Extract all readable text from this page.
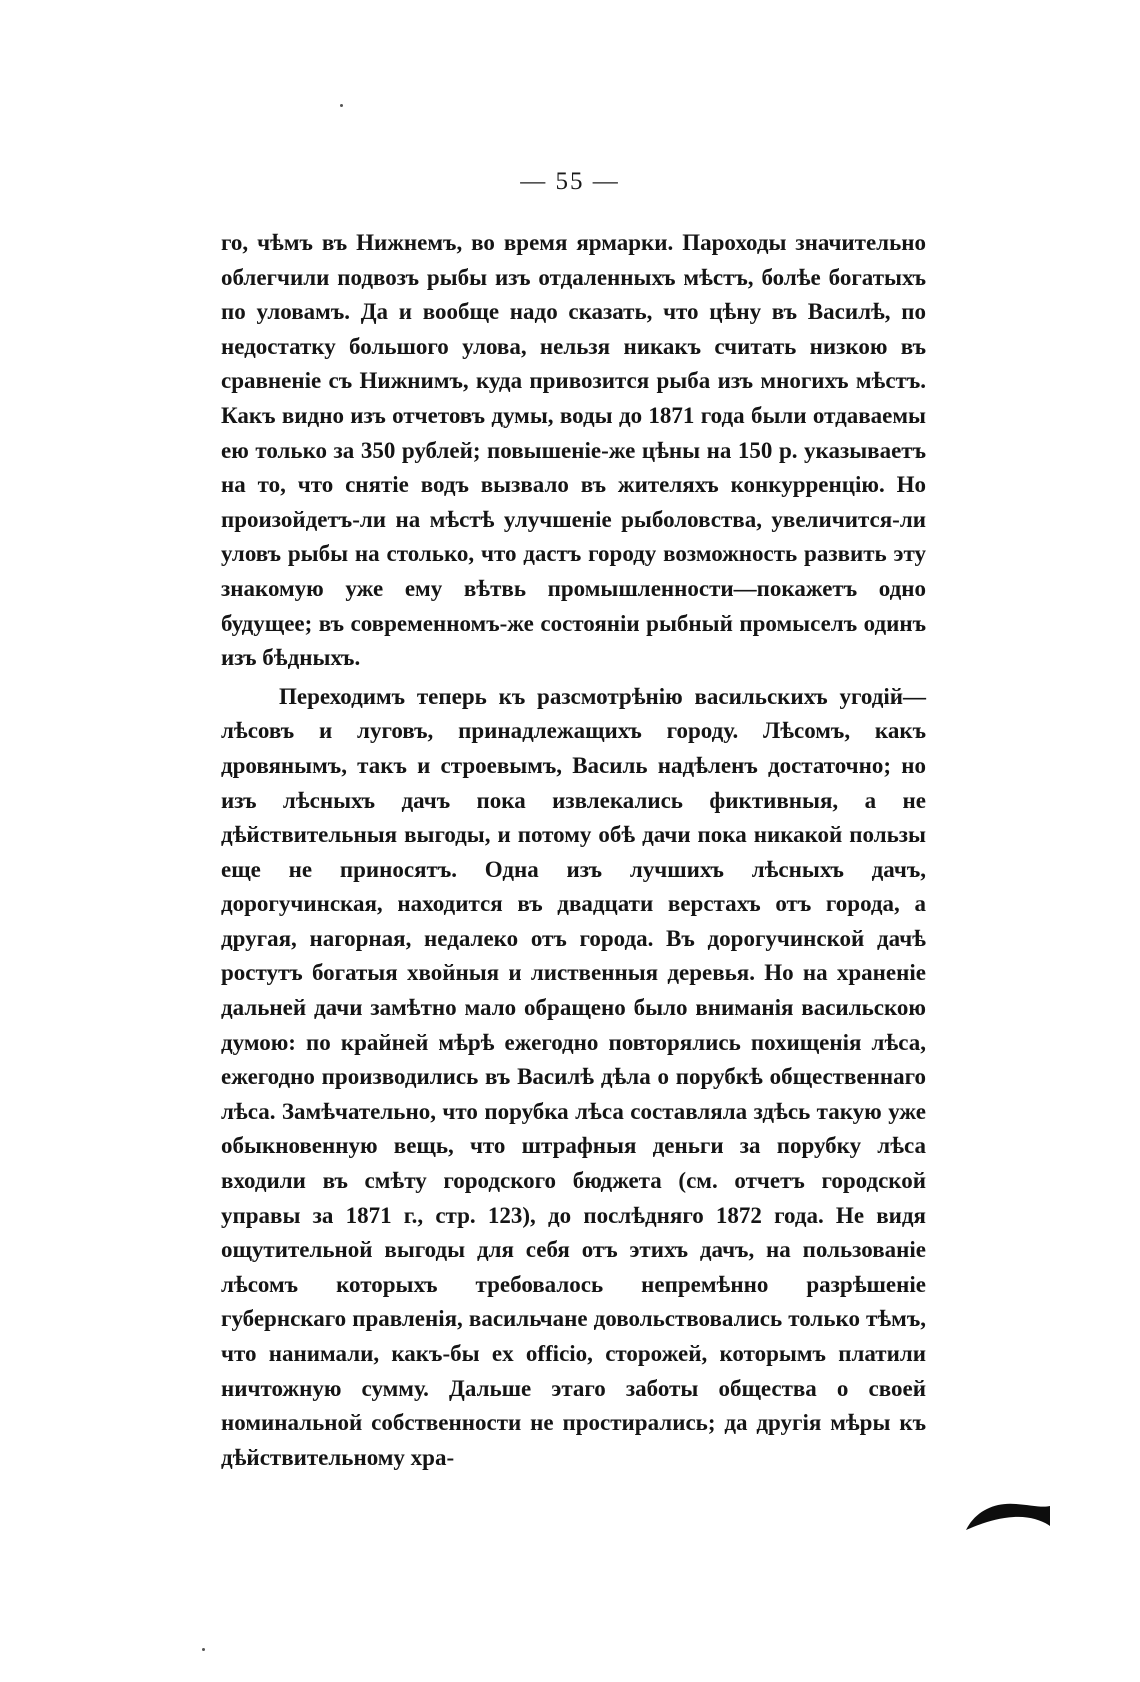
— 55 —

го, чѣмъ въ Нижнемъ, во время ярмарки. Пароходы значительно облегчили подвозъ рыбы изъ отдаленныхъ мѣстъ, болѣе богатыхъ по уловамъ. Да и вообще надо сказать, что цѣну въ Василѣ, по недостатку большого улова, нельзя никакъ считать низкою въ сравненіе съ Нижнимъ, куда привозится рыба изъ многихъ мѣстъ. Какъ видно изъ отчетовъ думы, воды до 1871 года были отдаваемы ею только за 350 рублей; повышеніе-же цѣны на 150 р. указываетъ на то, что снятіе водъ вызвало въ жителяхъ конкурренцію. Но произойдетъ-ли на мѣстѣ улучшеніе рыболовства, увеличится-ли уловъ рыбы на столько, что дастъ городу возможность развить эту знакомую уже ему вѣтвь промышленности—покажетъ одно будущее; въ современномъ-же состояніи рыбный промыселъ одинъ изъ бѣдныхъ.

Переходимъ теперь къ разсмотрѣнію васильскихъ угодій—лѣсовъ и луговъ, принадлежащихъ городу. Лѣсомъ, какъ дровянымъ, такъ и строевымъ, Василь надѣленъ достаточно; но изъ лѣсныхъ дачъ пока извлекались фиктивныя, а не дѣйствительныя выгоды, и потому обѣ дачи пока никакой пользы еще не приносятъ. Одна изъ лучшихъ лѣсныхъ дачъ, дорогучинская, находится въ двадцати верстахъ отъ города, а другая, нагорная, недалеко отъ города. Въ дорогучинской дачѣ ростутъ богатыя хвойныя и лиственныя деревья. Но на храненіе дальней дачи замѣтно мало обращено было вниманія васильскою думою: по крайней мѣрѣ ежегодно повторялись похищенія лѣса, ежегодно производились въ Василѣ дѣла о порубкѣ общественнаго лѣса. Замѣчательно, что порубка лѣса составляла здѣсь такую уже обыкновенную вещь, что штрафныя деньги за порубку лѣса входили въ смѣту городского бюджета (см. отчетъ городской управы за 1871 г., стр. 123), до послѣдняго 1872 года. Не видя ощутительной выгоды для себя отъ этихъ дачъ, на пользованіе лѣсомъ которыхъ требовалось непремѣнно разрѣшеніе губернскаго правленія, васильчане довольствовались только тѣмъ, что нанимали, какъ-бы ex officio, сторожей, которымъ платили ничтожную сумму. Дальше этаго заботы общества о своей номинальной собственности не простирались; да другія мѣры къ дѣйствительному хра-
